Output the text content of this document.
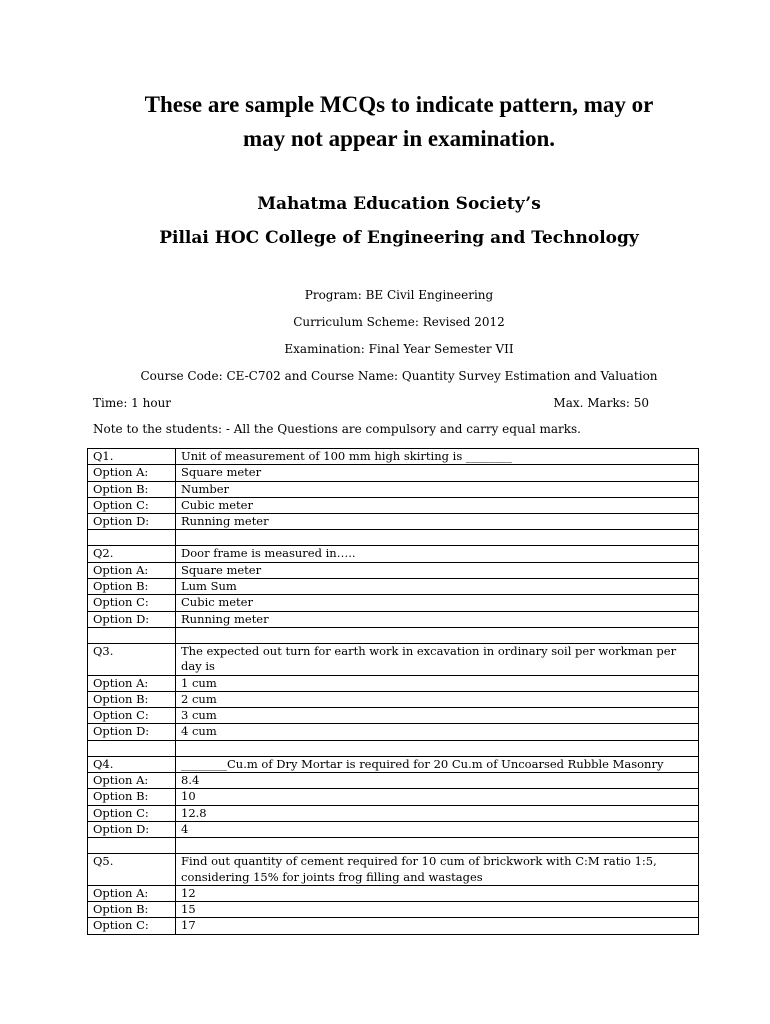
These are sample MCQs to indicate pattern, may or
may not appear in examination.
Mahatma Education Society’s
Pillai HOC College of Engineering and Technology
Program: BE Civil Engineering
Curriculum Scheme: Revised 2012
Examination: Final Year Semester VII
Course Code: CE-C702 and Course Name: Quantity Survey Estimation and Valuation
Time: 1 hour	Max. Marks: 50
Note to the students: - All the Questions are compulsory and carry equal marks.
Q1.	Unit of measurement of 100 mm high skirting is ________
Option A:	Square meter
Option B:	Number
Option C:	Cubic meter
Option D:	Running meter

Q2.	Door frame is measured in…..
Option A:	Square meter
Option B:	Lum Sum
Option C:	Cubic meter
Option D:	Running meter

Q3.	The expected out turn for earth work in excavation in ordinary soil per workman per day is
Option A:	1 cum
Option B:	2 cum
Option C:	3 cum
Option D:	4 cum

Q4.	________Cu.m of Dry Mortar is required for 20 Cu.m of Uncoarsed Rubble Masonry
Option A:	8.4
Option B:	10
Option C:	12.8
Option D:	4

Q5.	Find out quantity of cement required for 10 cum of brickwork with C:M ratio 1:5, considering 15% for joints frog filling and wastages
Option A:	12
Option B:	15
Option C:	17
